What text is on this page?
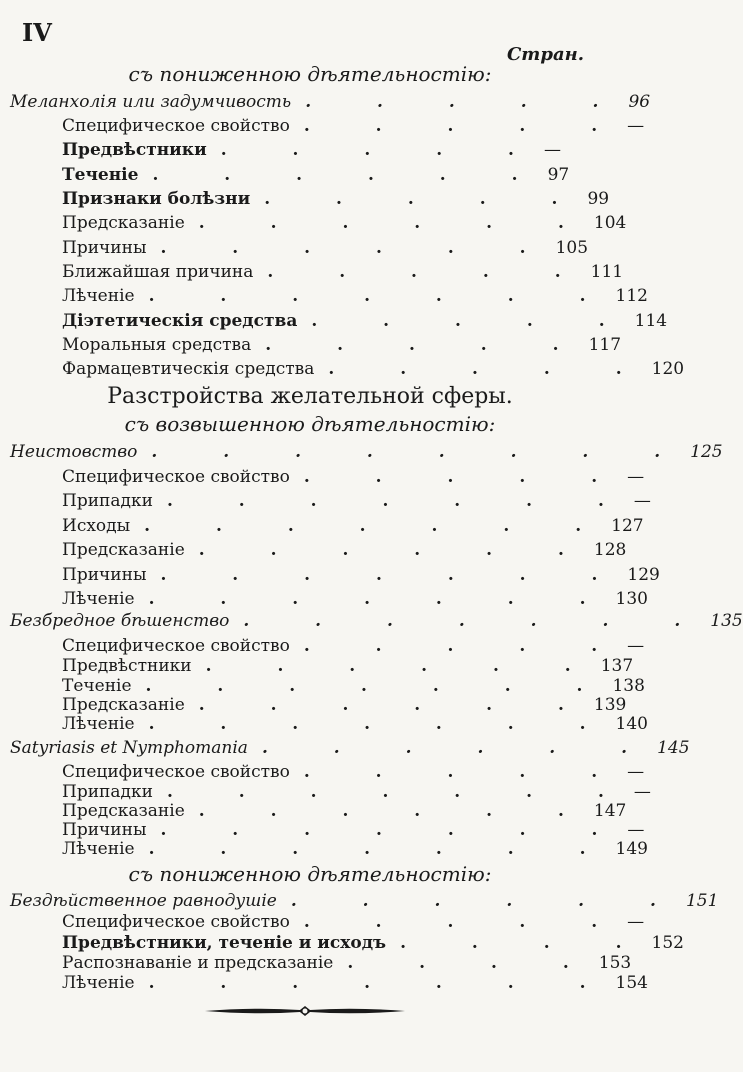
IV
Стран.
съ пониженною дѣятельностію:
Меланхолія или задумчивость . . . . . 96
Специфическое свойство . . . . . —
Предвѣстники . . . . . —
Теченіе . . . . . . 97
Признаки болѣзни . . . . . 99
Предсказаніе . . . . . . 104
Причины . . . . . . 105
Ближайшая причина . . . . . 111
Лѣченіе . . . . . . . 112
Діэтетическія средства . . . . . 114
Моральныя средства . . . . . 117
Фармацевтическія средства . . . . . 120
Разстройства желательной сферы.
съ возвышенною дѣятельностію:
Неистовство . . . . . . . . 125
Специфическое свойство . . . . . —
Припадки . . . . . . . —
Исходы . . . . . . . 127
Предсказаніе . . . . . . 128
Причины . . . . . . . 129
Лѣченіе . . . . . . . 130
Безбредное бѣшенство . . . . . . . 135
Специфическое свойство . . . . . —
Предвѣстники . . . . . . 137
Теченіе . . . . . . . 138
Предсказаніе . . . . . . 139
Лѣченіе . . . . . . . 140
Satyriasis et Nymphomania . . . . . . 145
Специфическое свойство . . . . . —
Припадки . . . . . . . —
Предсказаніе . . . . . . 147
Причины . . . . . . . —
Лѣченіе . . . . . . . 149
съ пониженною дѣятельностію:
Бездѣйственное равнодушіе . . . . . . 151
Специфическое свойство . . . . . —
Предвѣстники, теченіе и исходъ . . . . 152
Распознаваніе и предсказаніе . . . . 153
Лѣченіе . . . . . . . 154
